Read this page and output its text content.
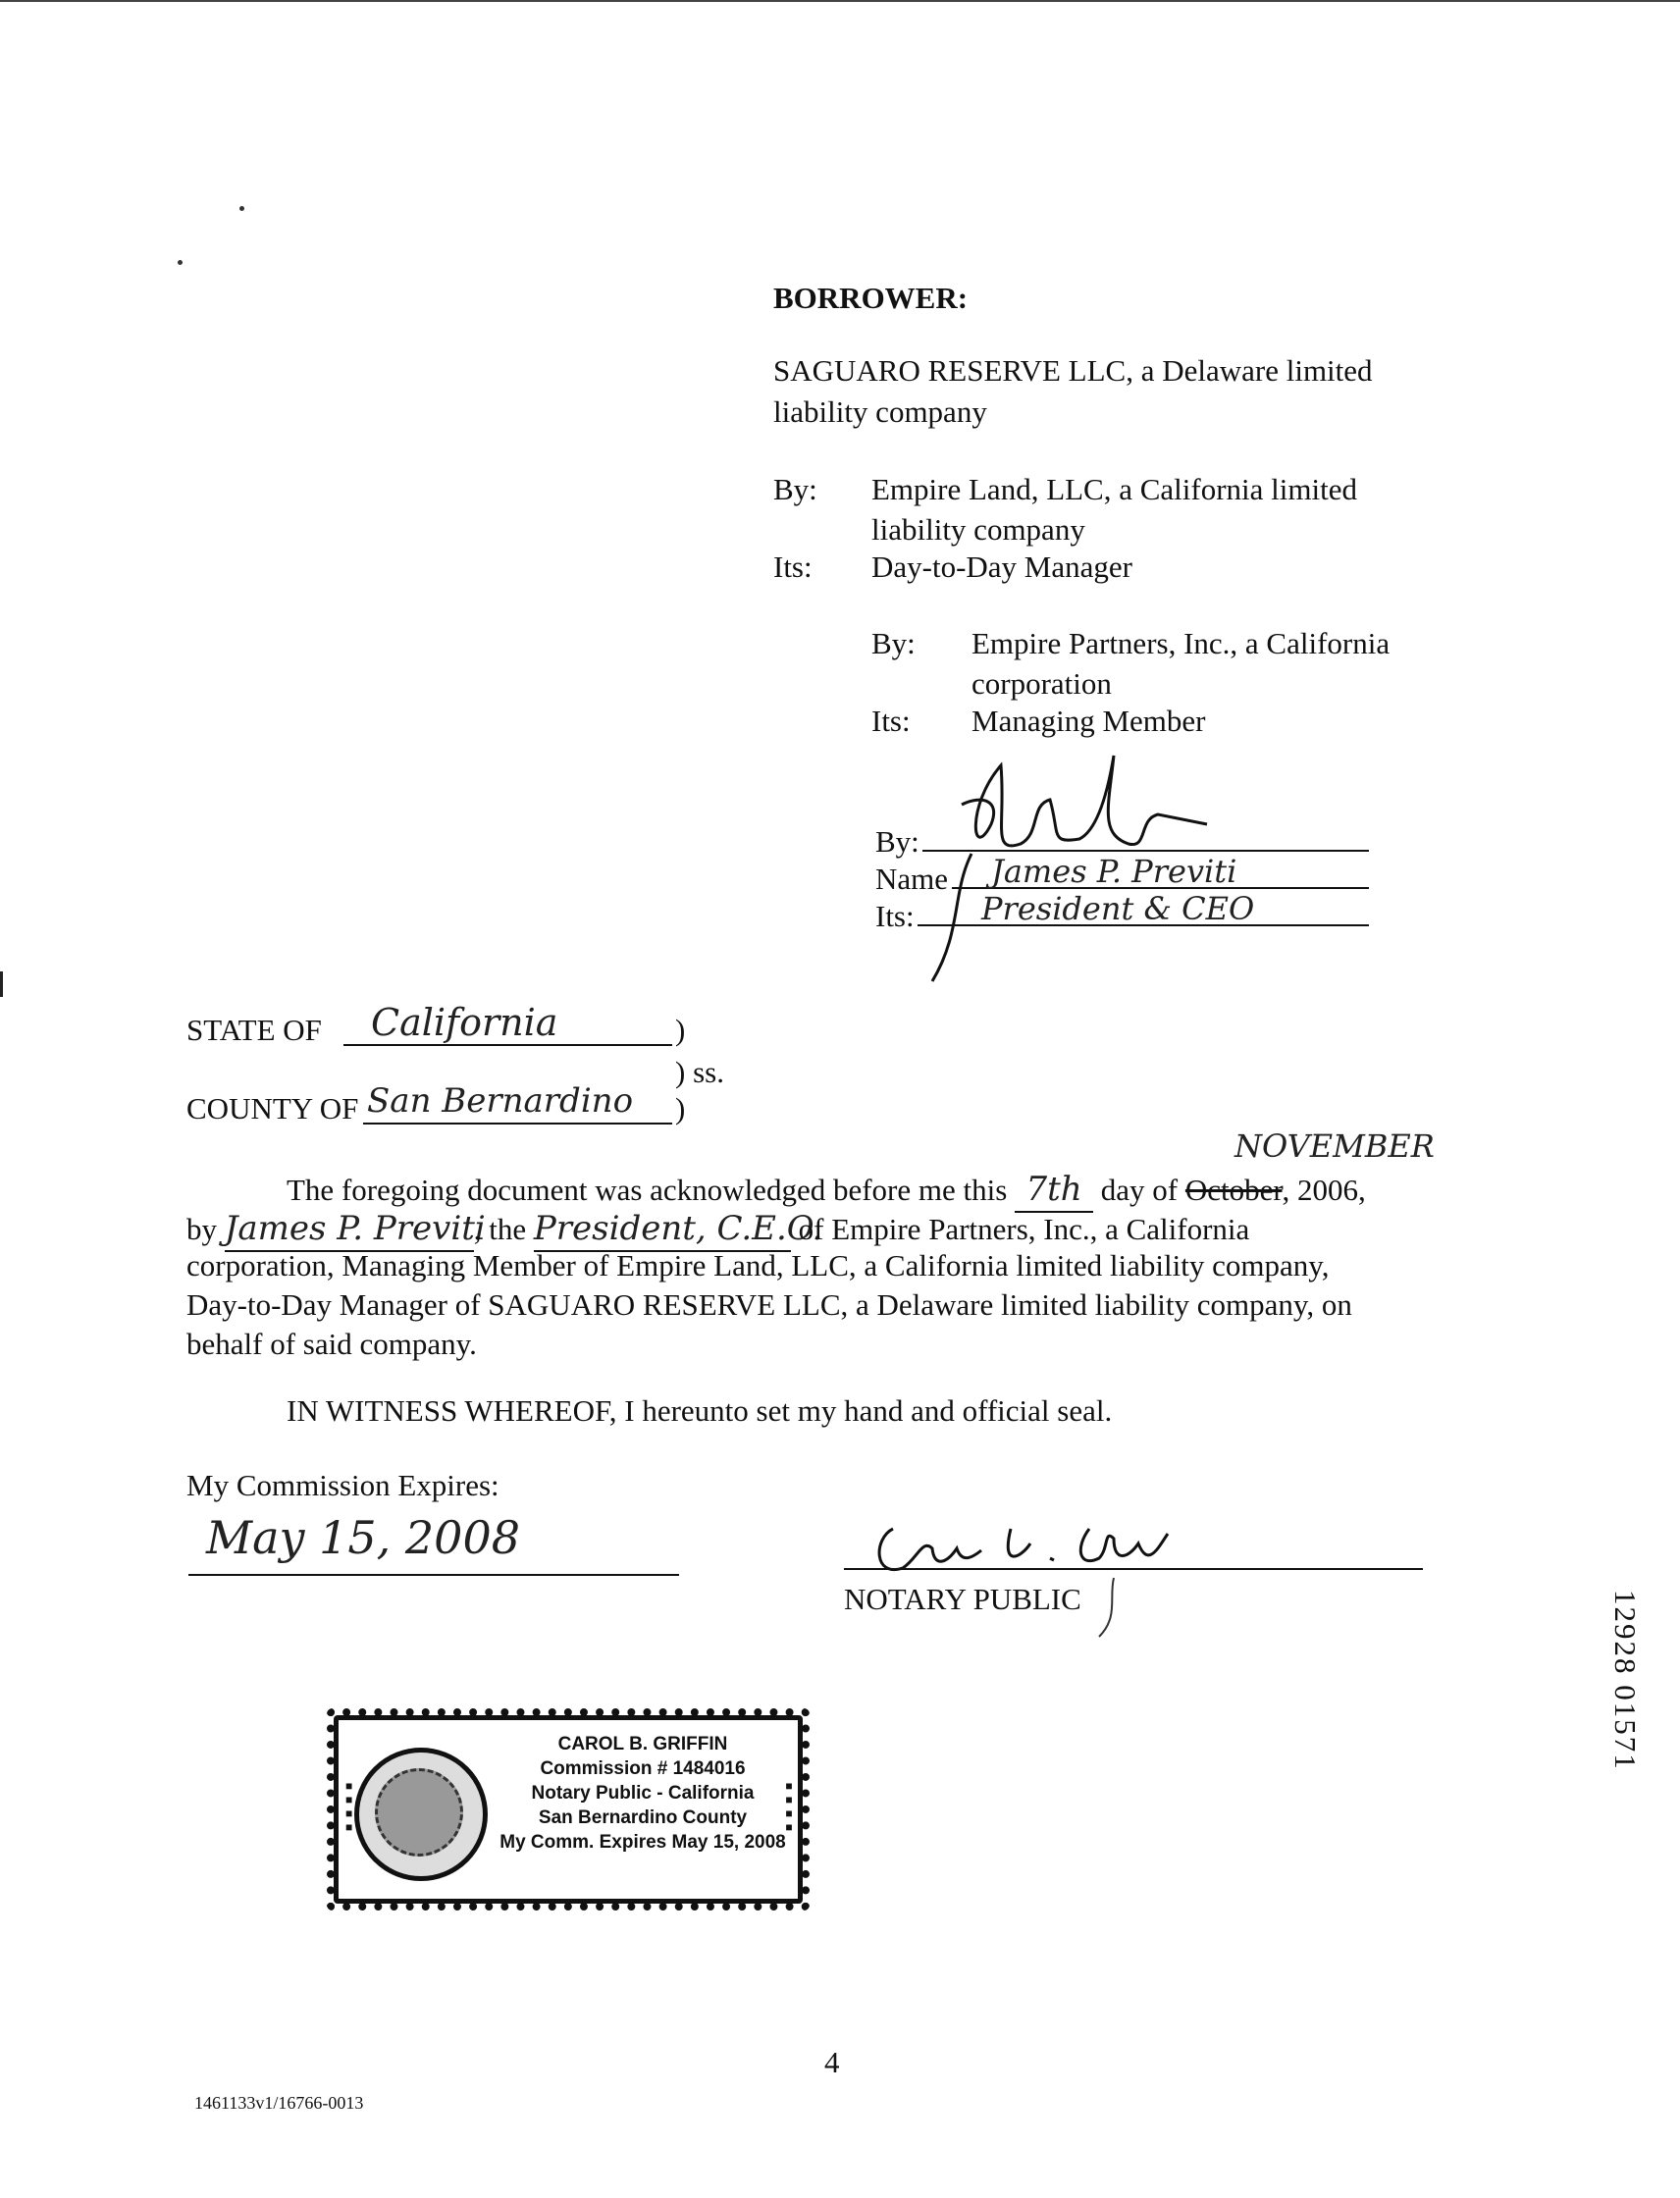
BORROWER:
SAGUARO RESERVE LLC, a Delaware limited
liability company
By: Empire Land, LLC, a California limited
liability company
Its: Day-to-Day Manager
By: Empire Partners, Inc., a California
corporation
Its: Managing Member
By:
Name James P. Previti
Its: President & CEO
STATE OF California	)
) ss.
COUNTY OF San Bernardino )
The foregoing document was acknowledged before me this 7th day of October, 2006,
NOVEMBER
by James P. Previti, the President, C.E.O. of Empire Partners, Inc., a California
corporation, Managing Member of Empire Land, LLC, a California limited liability company,
Day-to-Day Manager of SAGUARO RESERVE LLC, a Delaware limited liability company, on
behalf of said company.
IN WITNESS WHEREOF, I hereunto set my hand and official seal.
My Commission Expires:
May 15, 2008
NOTARY PUBLIC
■■■■	■■■■
CAROL B. GRIFFIN
Commission # 1484016
Notary Public - California
San Bernardino County
My Comm. Expires May 15, 2008
4
1461133v1/16766-0013
12928 01571
